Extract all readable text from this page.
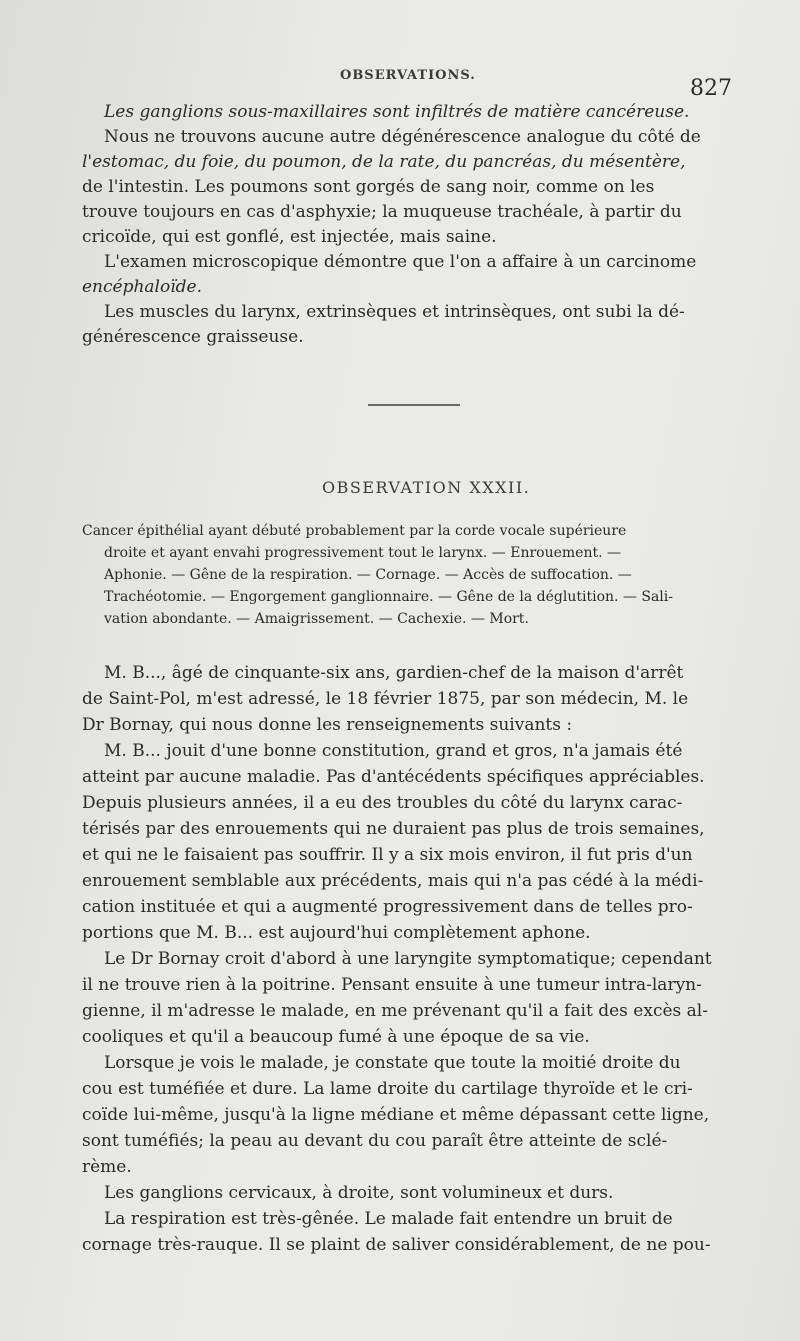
OBSERVATIONS.
827
Les ganglions sous-maxillaires sont infiltrés de matière cancéreuse.
Nous ne trouvons aucune autre dégénérescence analogue du côté de
l'estomac, du foie, du poumon, de la rate, du pancréas, du mésentère,
de l'intestin. Les poumons sont gorgés de sang noir, comme on les
trouve toujours en cas d'asphyxie; la muqueuse trachéale, à partir du
cricoïde, qui est gonflé, est injectée, mais saine.
L'examen microscopique démontre que l'on a affaire à un carcinome
encéphaloïde.
Les muscles du larynx, extrinsèques et intrinsèques, ont subi la dé-
générescence graisseuse.
OBSERVATION XXXII.
Cancer épithélial ayant débuté probablement par la corde vocale supérieure
droite et ayant envahi progressivement tout le larynx. — Enrouement. —
Aphonie. — Gêne de la respiration. — Cornage. — Accès de suffocation. —
Trachéotomie. — Engorgement ganglionnaire. — Gêne de la déglutition. — Sali-
vation abondante. — Amaigrissement. — Cachexie. — Mort.
M. B..., âgé de cinquante-six ans, gardien-chef de la maison d'arrêt
de Saint-Pol, m'est adressé, le 18 février 1875, par son médecin, M. le
Dr Bornay, qui nous donne les renseignements suivants :
M. B... jouit d'une bonne constitution, grand et gros, n'a jamais été
atteint par aucune maladie. Pas d'antécédents spécifiques appréciables.
Depuis plusieurs années, il a eu des troubles du côté du larynx carac-
térisés par des enrouements qui ne duraient pas plus de trois semaines,
et qui ne le faisaient pas souffrir. Il y a six mois environ, il fut pris d'un
enrouement semblable aux précédents, mais qui n'a pas cédé à la médi-
cation instituée et qui a augmenté progressivement dans de telles pro-
portions que M. B... est aujourd'hui complètement aphone.
Le Dr Bornay croit d'abord à une laryngite symptomatique; cependant
il ne trouve rien à la poitrine. Pensant ensuite à une tumeur intra-laryn-
gienne, il m'adresse le malade, en me prévenant qu'il a fait des excès al-
cooliques et qu'il a beaucoup fumé à une époque de sa vie.
Lorsque je vois le malade, je constate que toute la moitié droite du
cou est tuméfiée et dure. La lame droite du cartilage thyroïde et le cri-
coïde lui-même, jusqu'à la ligne médiane et même dépassant cette ligne,
sont tuméfiés; la peau au devant du cou paraît être atteinte de sclé-
rème.
Les ganglions cervicaux, à droite, sont volumineux et durs.
La respiration est très-gênée. Le malade fait entendre un bruit de
cornage très-rauque. Il se plaint de saliver considérablement, de ne pou-
